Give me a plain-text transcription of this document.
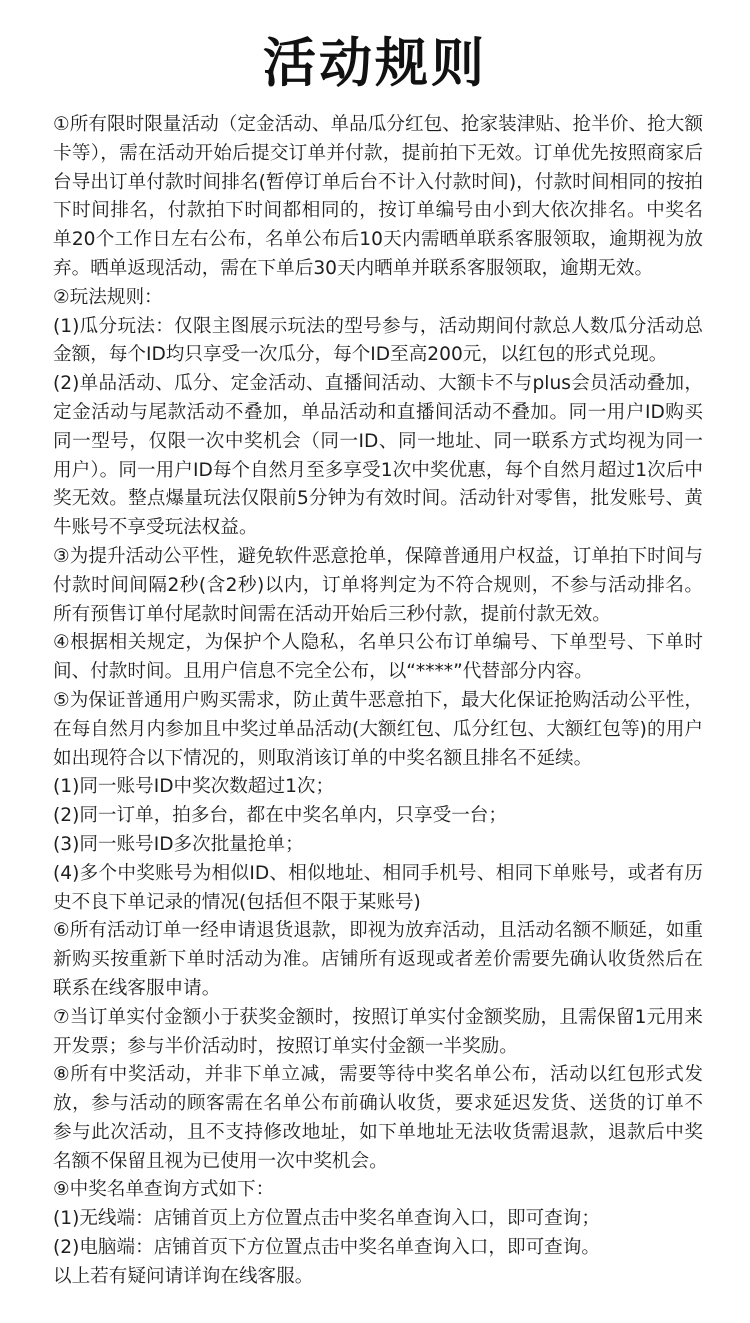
活动规则

①所有限时限量活动（定金活动、单品瓜分红包、抢家装津贴、抢半价、抢大额卡等），需在活动开始后提交订单并付款，提前拍下无效。订单优先按照商家后台导出订单付款时间排名(暂停订单后台不计入付款时间)，付款时间相同的按拍下时间排名，付款拍下时间都相同的，按订单编号由小到大依次排名。中奖名单20个工作日左右公布，名单公布后10天内需晒单联系客服领取，逾期视为放弃。晒单返现活动，需在下单后30天内晒单并联系客服领取，逾期无效。

②玩法规则：

(1)瓜分玩法：仅限主图展示玩法的型号参与，活动期间付款总人数瓜分活动总金额，每个ID均只享受一次瓜分，每个ID至高200元，以红包的形式兑现。

(2)单品活动、瓜分、定金活动、直播间活动、大额卡不与plus会员活动叠加，定金活动与尾款活动不叠加，单品活动和直播间活动不叠加。同一用户ID购买同一型号，仅限一次中奖机会（同一ID、同一地址、同一联系方式均视为同一用户）。同一用户ID每个自然月至多享受1次中奖优惠，每个自然月超过1次后中奖无效。整点爆量玩法仅限前5分钟为有效时间。活动针对零售，批发账号、黄牛账号不享受玩法权益。

③为提升活动公平性，避免软件恶意抢单，保障普通用户权益，订单拍下时间与付款时间间隔2秒(含2秒)以内，订单将判定为不符合规则，不参与活动排名。所有预售订单付尾款时间需在活动开始后三秒付款，提前付款无效。

④根据相关规定，为保护个人隐私，名单只公布订单编号、下单型号、下单时间、付款时间。且用户信息不完全公布，以“****”代替部分内容。

⑤为保证普通用户购买需求，防止黄牛恶意拍下，最大化保证抢购活动公平性，在每自然月内参加且中奖过单品活动(大额红包、瓜分红包、大额红包等)的用户如出现符合以下情况的，则取消该订单的中奖名额且排名不延续。

(1)同一账号ID中奖次数超过1次；

(2)同一订单，拍多台，都在中奖名单内，只享受一台；

(3)同一账号ID多次批量抢单；

(4)多个中奖账号为相似ID、相似地址、相同手机号、相同下单账号，或者有历史不良下单记录的情况(包括但不限于某账号)

⑥所有活动订单一经申请退货退款，即视为放弃活动，且活动名额不顺延，如重新购买按重新下单时活动为准。店铺所有返现或者差价需要先确认收货然后在联系在线客服申请。

⑦当订单实付金额小于获奖金额时，按照订单实付金额奖励，且需保留1元用来开发票；参与半价活动时，按照订单实付金额一半奖励。

⑧所有中奖活动，并非下单立减，需要等待中奖名单公布，活动以红包形式发放，参与活动的顾客需在名单公布前确认收货，要求延迟发货、送货的订单不参与此次活动，且不支持修改地址，如下单地址无法收货需退款，退款后中奖名额不保留且视为已使用一次中奖机会。

⑨中奖名单查询方式如下：

(1)无线端：店铺首页上方位置点击中奖名单查询入口，即可查询；

(2)电脑端：店铺首页下方位置点击中奖名单查询入口，即可查询。

以上若有疑问请详询在线客服。
